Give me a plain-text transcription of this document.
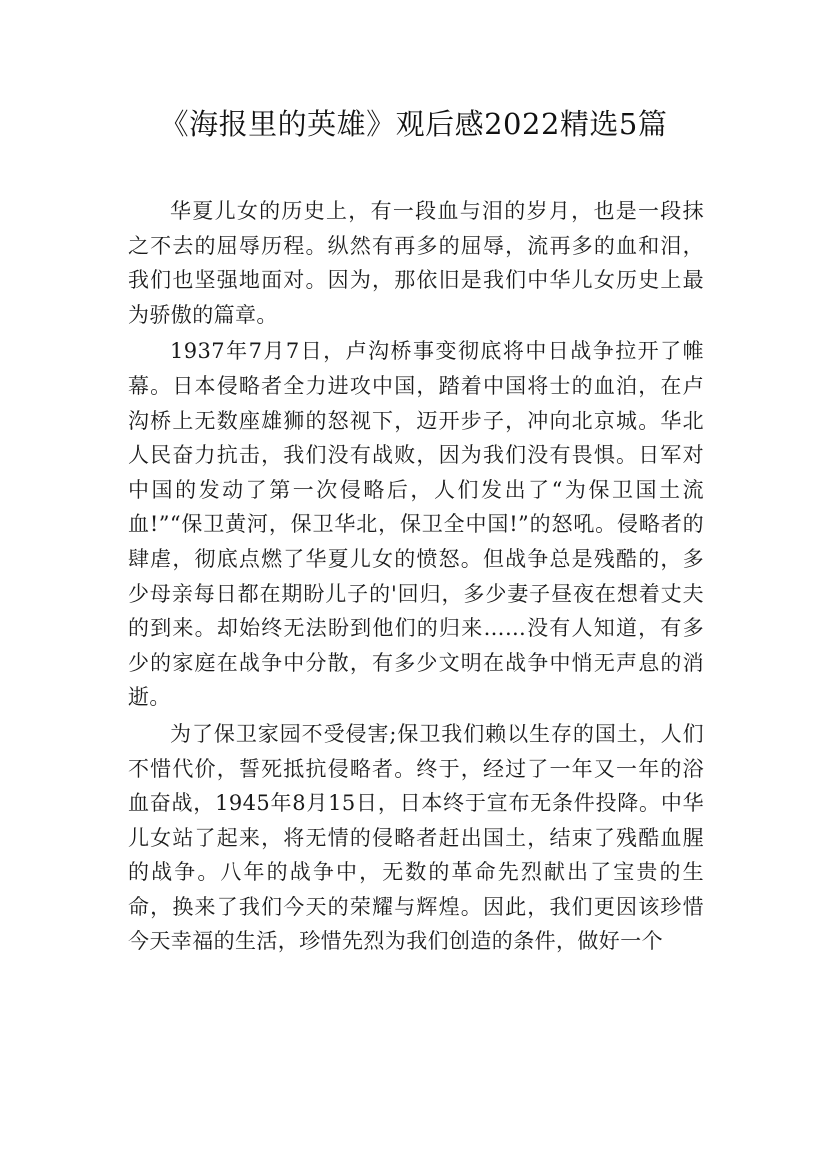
《海报里的英雄》观后感2022精选5篇

华夏儿女的历史上，有一段血与泪的岁月，也是一段抹之不去的屈辱历程。纵然有再多的屈辱，流再多的血和泪，我们也坚强地面对。因为，那依旧是我们中华儿女历史上最为骄傲的篇章。

1937年7月7日，卢沟桥事变彻底将中日战争拉开了帷幕。日本侵略者全力进攻中国，踏着中国将士的血泊，在卢沟桥上无数座雄狮的怒视下，迈开步子，冲向北京城。华北人民奋力抗击，我们没有战败，因为我们没有畏惧。日军对中国的发动了第一次侵略后，人们发出了“为保卫国土流血!”“保卫黄河，保卫华北，保卫全中国!”的怒吼。侵略者的肆虐，彻底点燃了华夏儿女的愤怒。但战争总是残酷的，多少母亲每日都在期盼儿子的'回归，多少妻子昼夜在想着丈夫的到来。却始终无法盼到他们的归来……没有人知道，有多少的家庭在战争中分散，有多少文明在战争中悄无声息的消逝。

为了保卫家园不受侵害;保卫我们赖以生存的国土，人们不惜代价，誓死抵抗侵略者。终于，经过了一年又一年的浴血奋战，1945年8月15日，日本终于宣布无条件投降。中华儿女站了起来，将无情的侵略者赶出国土，结束了残酷血腥的战争。八年的战争中，无数的革命先烈献出了宝贵的生命，换来了我们今天的荣耀与辉煌。因此，我们更因该珍惜今天幸福的生活，珍惜先烈为我们创造的条件，做好一个
